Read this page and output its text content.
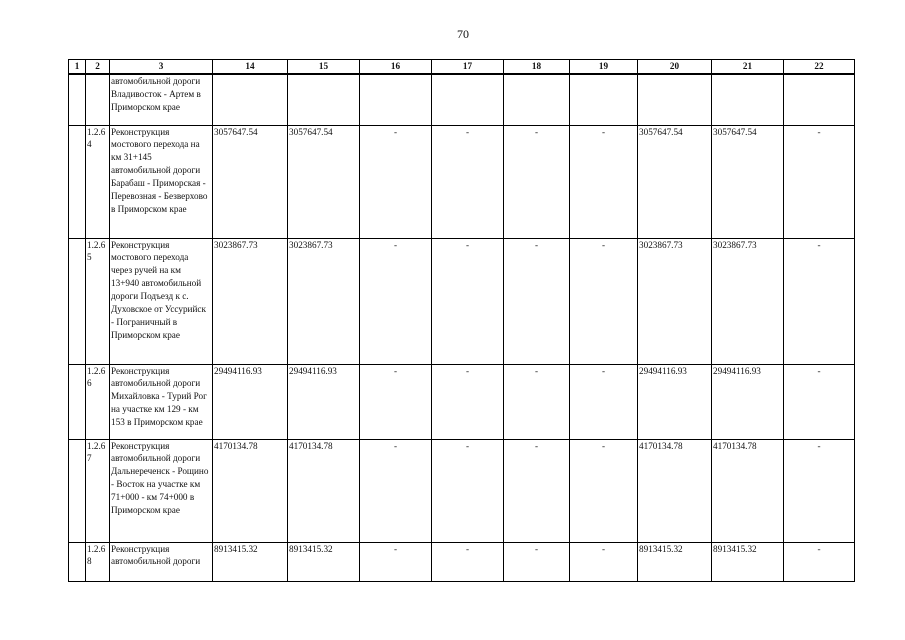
70
1	2	3	14	15	16	17	18	19	20	21	22
		автомобильной дороги Владивосток - Артем в Приморском крае									
	1.2.6 4	Реконструкция мостового перехода на км 31+145 автомобильной дороги Барабаш - Приморская - Перевозная - Безверхово в Приморском крае	3057647.54	3057647.54	-	-	-	-	3057647.54	3057647.54	-
	1.2.6 5	Реконструкция мостового перехода через ручей на км 13+940 автомобильной дороги Подъезд к с. Духовское от Уссурийск - Пограничный в Приморском крае	3023867.73	3023867.73	-	-	-	-	3023867.73	3023867.73	-
	1.2.6 6	Реконструкция автомобильной дороги Михайловка - Турий Рог на участке км 129 - км 153 в Приморском крае	29494116.93	29494116.93	-	-	-	-	29494116.93	29494116.93	-
	1.2.6 7	Реконструкция автомобильной дороги Дальнереченск - Рощино - Восток на участке км 71+000 - км 74+000 в Приморском крае	4170134.78	4170134.78	-	-	-	-	4170134.78	4170134.78	-
	1.2.6 8	Реконструкция автомобильной дороги	8913415.32	8913415.32	-	-	-	-	8913415.32	8913415.32	-
